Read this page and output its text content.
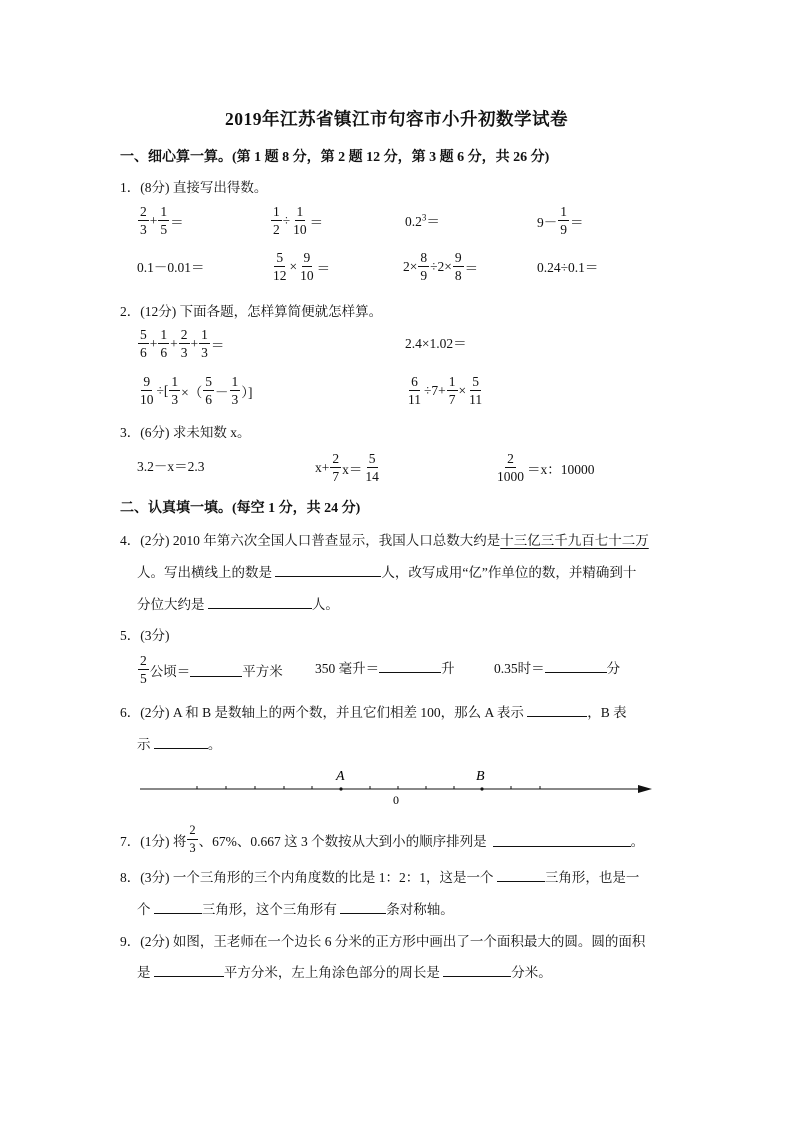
2019年江苏省镇江市句容市小升初数学试卷
一、细心算一算。(第 1 题 8 分，第 2 题 12 分，第 3 题 6 分，共 26 分)
1．(8分) 直接写出得数。
$\frac{2}{3} + \frac{1}{5}$ ＝	$\frac{1}{2} \div \frac{1}{10}$ ＝	$0.2^3=$	$9- \frac{1}{9}$ ＝
0.1－0.01＝	$\frac{5}{12} \times \frac{9}{10}$ ＝	$2\times \frac{8}{9} \div 2\times \frac{9}{8}$ ＝	0.24÷0.1＝
2．(12分) 下面各题，怎样算简便就怎样算。
$\frac{5}{6} + \frac{1}{6} + \frac{2}{3} + \frac{1}{3}$ ＝	2.4×1.02＝
$\frac{9}{10}$ ÷[ $\frac{1}{3}$ ×（ $\frac{5}{6} - \frac{1}{3}$ ）]	$\frac{6}{11} \div 7+ \frac{1}{7} \times \frac{5}{11}$
3．(6分) 求未知数 x。
3.2－x＝2.3	$x+ \frac{2}{7} x= \frac{5}{14}$	$\frac{2}{1000} =x$：10000
二、认真填一填。(每空 1 分，共 24 分)
4．(2分) 2010 年第六次全国人口普查显示，我国人口总数大约是十三亿三千九百七十二万
人。写出横线上的数是	人，改写成用“亿”作单位的数，并精确到十
分位大约是	人。
5．(3分)
$\frac{2}{5}$ 公顷＝	平方米 350 毫升＝	升	0.35时＝	分
6．(2分) A 和 B 是数轴上的两个数，并且它们相差 100，那么 A 表示	，B 表
示	。
A	B
0
7．(1分) 将 $\frac{2}{3}$ 、67%、0.667 这 3 个数按从大到小的顺序排列是	。
8．(3分) 一个三角形的三个内角度数的比是 1：2：1，这是一个	三角形，也是一
个	三角形，这个三角形有	条对称轴。
9．(2分) 如图，王老师在一个边长 6 分米的正方形中画出了一个面积最大的圆。圆的面积
是	平方分米，左上角涂色部分的周长是	分米。
